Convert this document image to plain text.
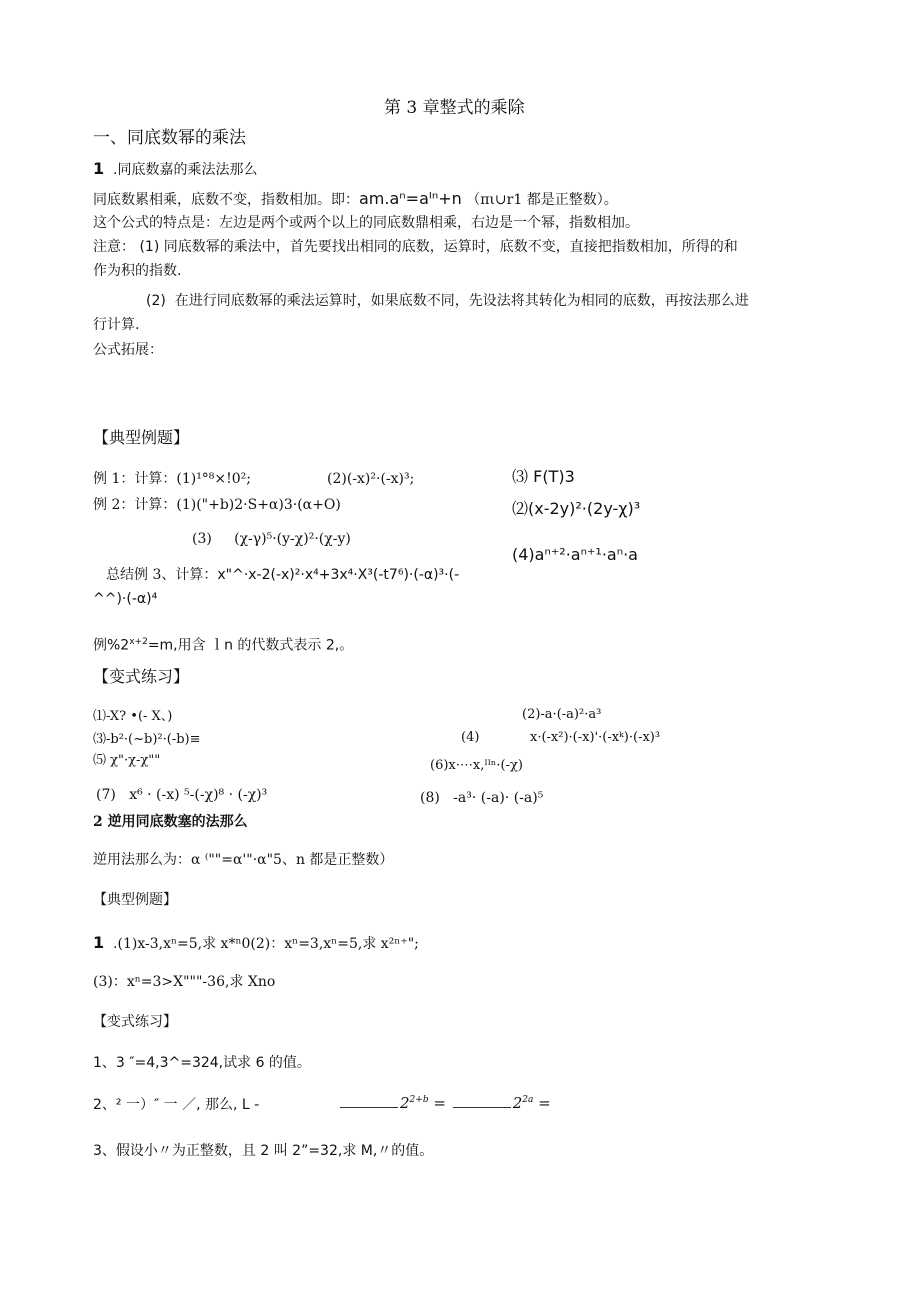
第 3 章整式的乘除
一、同底数幂的乘法
1 .同底数嘉的乘法法那么
同底数累相乘，底数不变，指数相加。即：am.aⁿ=aᴵⁿ+n （πι∪r1 都是正整数）。
这个公式的特点是：左边是两个或两个以上的同底数鼎相乘，右边是一个幂，指数相加。
注意： (1) 同底数幂的乘法中，首先要找出相同的底数，运算时，底数不变，直接把指数相加，所得的和
作为积的指数.
(2) 在进行同底数幂的乘法运算时，如果底数不同，先设法将其转化为相同的底数，再按法那么进
行计算.
公式拓展：
【典型例题】
例 1：计算：(1)¹°⁸×!0²;	(2)(-x)²·(-x)³;	⑶ F(T)3
例 2：计算：(1)("+b)2·S+α)3·(α+O)	⑵(x-2y)²·(2y-χ)³
(3) (χ-γ)⁵·(y-χ)²·(χ-y)
(4)aⁿ⁺²·aⁿ⁺¹·aⁿ·a
总结例 3、计算：x"^·x-2(-x)²·x⁴+3x⁴·X³(-t7⁶)·(-α)³·(-
^^)·(-α)⁴
例$\%2^{x+2}=m$,用含 ｌn 的代数式表示 2,。
【变式练习】
⑴-X? •(- X、)	(2)-a·(-a)²·a³
⑶-b²·(~b)²·(-b)≡	(4)	x·(-x²)·(-x)'·(-xᵏ)·(-x)³
⑸ χ"·χ-χ""	(6)x·⋯x,ᴵᴵⁿ·(-χ)
(7) x⁶ · (-x) ⁵-(-χ)⁸ · (-χ)³	(8) -a³· (-a)· (-a)⁵
2 逆用同底数塞的法那么
逆用法那么为：α ⁽""=α'"·α"5、n 都是正整数）
【典型例题】
1 .(1)x-3,xⁿ=5,求 x*ⁿ0(2)：xⁿ=3,xⁿ=5,求 x²ⁿ⁺";
(3)：xⁿ=3>X"""-36,求 Xno
【变式练习】
1、3 ″=4,3^=324,试求 6 的值。
2、² 一）″ 一 ／, 那么, L -	$2^{2+b}$ =	$2^{2a}$ =
3、假设小〃为正整数，且 2 叫 2”=32,求 M,〃的值。
